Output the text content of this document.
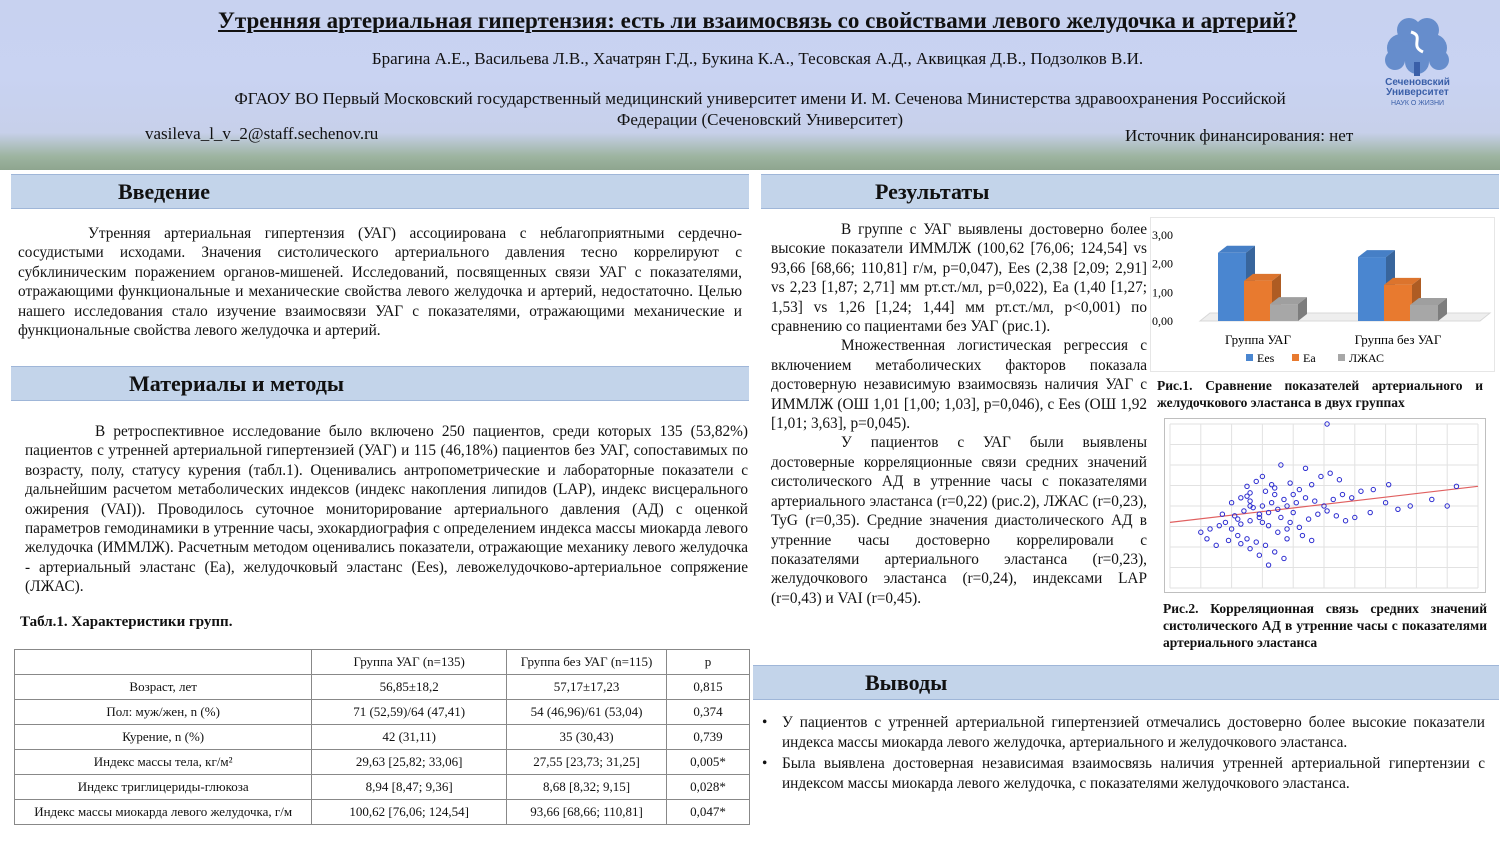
Утренняя артериальная гипертензия: есть ли взаимосвязь со свойствами левого желудочка и артерий?
Брагина А.Е., Васильева Л.В., Хачатрян Г.Д., Букина К.А., Тесовская А.Д., Аквицкая Д.В., Подзолков В.И.
ФГАОУ ВО Первый Московский государственный медицинский университет имени И. М. Сеченова Министерства здравоохранения Российской Федерации (Сеченовский Университет)
vasileva_l_v_2@staff.sechenov.ru	Источник финансирования: нет
Сеченовский
Университет
НАУК О ЖИЗНИ
Введение

Утренняя артериальная гипертензия (УАГ) ассоциирована с неблагоприятными сердечно-сосудистыми исходами. Значения систолического артериального давления тесно коррелируют с субклиническим поражением органов-мишеней. Исследований, посвященных связи УАГ с показателями, отражающими функциональные и механические свойства левого желудочка и артерий, недостаточно. Целью нашего исследования стало изучение взаимосвязи УАГ с показателями, отражающими механические и функциональные свойства левого желудочка и артерий.

Материалы и методы

В ретроспективное исследование было включено 250 пациентов, среди которых 135 (53,82%) пациентов с утренней артериальной гипертензией (УАГ) и 115 (46,18%) пациентов без УАГ, сопоставимых по возрасту, полу, статусу курения (табл.1). Оценивались антропометрические и лабораторные показатели с дальнейшим расчетом метаболических индексов (индекс накопления липидов (LAP), индекс висцерального ожирения (VAI)). Проводилось суточное мониторирование артериального давления (АД) с оценкой параметров гемодинамики в утренние часы, эхокардиография с определением индекса массы миокарда левого желудочка (ИММЛЖ). Расчетным методом оценивались показатели, отражающие механику левого желудочка - артериальный эластанс (Еа), желудочковый эластанс (Ees), левожелудочково-артериальное сопряжение (ЛЖАС).

Табл.1. Характеристики групп.
	Группа УАГ (n=135)	Группа без УАГ (n=115)	p
Возраст, лет	56,85±18,2	57,17±17,23	0,815
Пол: муж/жен, n (%)	71 (52,59)/64 (47,41)	54 (46,96)/61 (53,04)	0,374
Курение, n (%)	42 (31,11)	35 (30,43)	0,739
Индекс массы тела, кг/м²	29,63 [25,82; 33,06]	27,55 [23,73; 31,25]	0,005*
Индекс триглицериды-глюкоза	8,94 [8,47; 9,36]	8,68 [8,32; 9,15]	0,028*
Индекс массы миокарда левого желудочка, г/м	100,62 [76,06; 124,54]	93,66 [68,66; 110,81]	0,047*
Результаты

В группе с УАГ выявлены достоверно более высокие показатели ИММЛЖ (100,62 [76,06; 124,54] vs 93,66 [68,66; 110,81] г/м, p=0,047), Ees (2,38 [2,09; 2,91] vs 2,23 [1,87; 2,71] мм рт.ст./мл, p=0,022), Ea (1,40 [1,27; 1,53] vs 1,26 [1,24; 1,44] мм рт.ст./мл, p<0,001) по сравнению со пациентами без УАГ (рис.1).

Множественная логистическая регрессия с включением метаболических факторов показала достоверную независимую взаимосвязь наличия УАГ с ИММЛЖ (ОШ 1,01 [1,00; 1,03], p=0,046), с Ees (ОШ 1,92 [1,01; 3,63], p=0,045).

У пациентов с УАГ были выявлены достоверные корреляционные связи средних значений систолического АД в утренние часы с показателями артериального эластанса (r=0,22) (рис.2), ЛЖАС (r=0,23), TyG (r=0,35). Средние значения диастолического АД в утренние часы достоверно коррелировали с показателями артериального эластанса (r=0,23), желудочкового эластанса (r=0,24), индексами LAP (r=0,43) и VAI (r=0,45).

0,00
1,00
2,00
3,00
Группа УАГ	Группа без УАГ
Ees Ea	ЛЖАС
Рис.1. Сравнение показателей артериального и желудочкового эластанса в двух группах
Рис.2. Корреляционная связь средних значений систолического АД в утренние часы с показателями артериального эластанса
Выводы
• У пациентов с утренней артериальной гипертензией отмечались достоверно более высокие показатели индекса массы миокарда левого желудочка, артериального и желудочкового эластанса.
• Была выявлена достоверная независимая взаимосвязь наличия утренней артериальной гипертензии с индексом массы миокарда левого желудочка, с показателями желудочкового эластанса.
